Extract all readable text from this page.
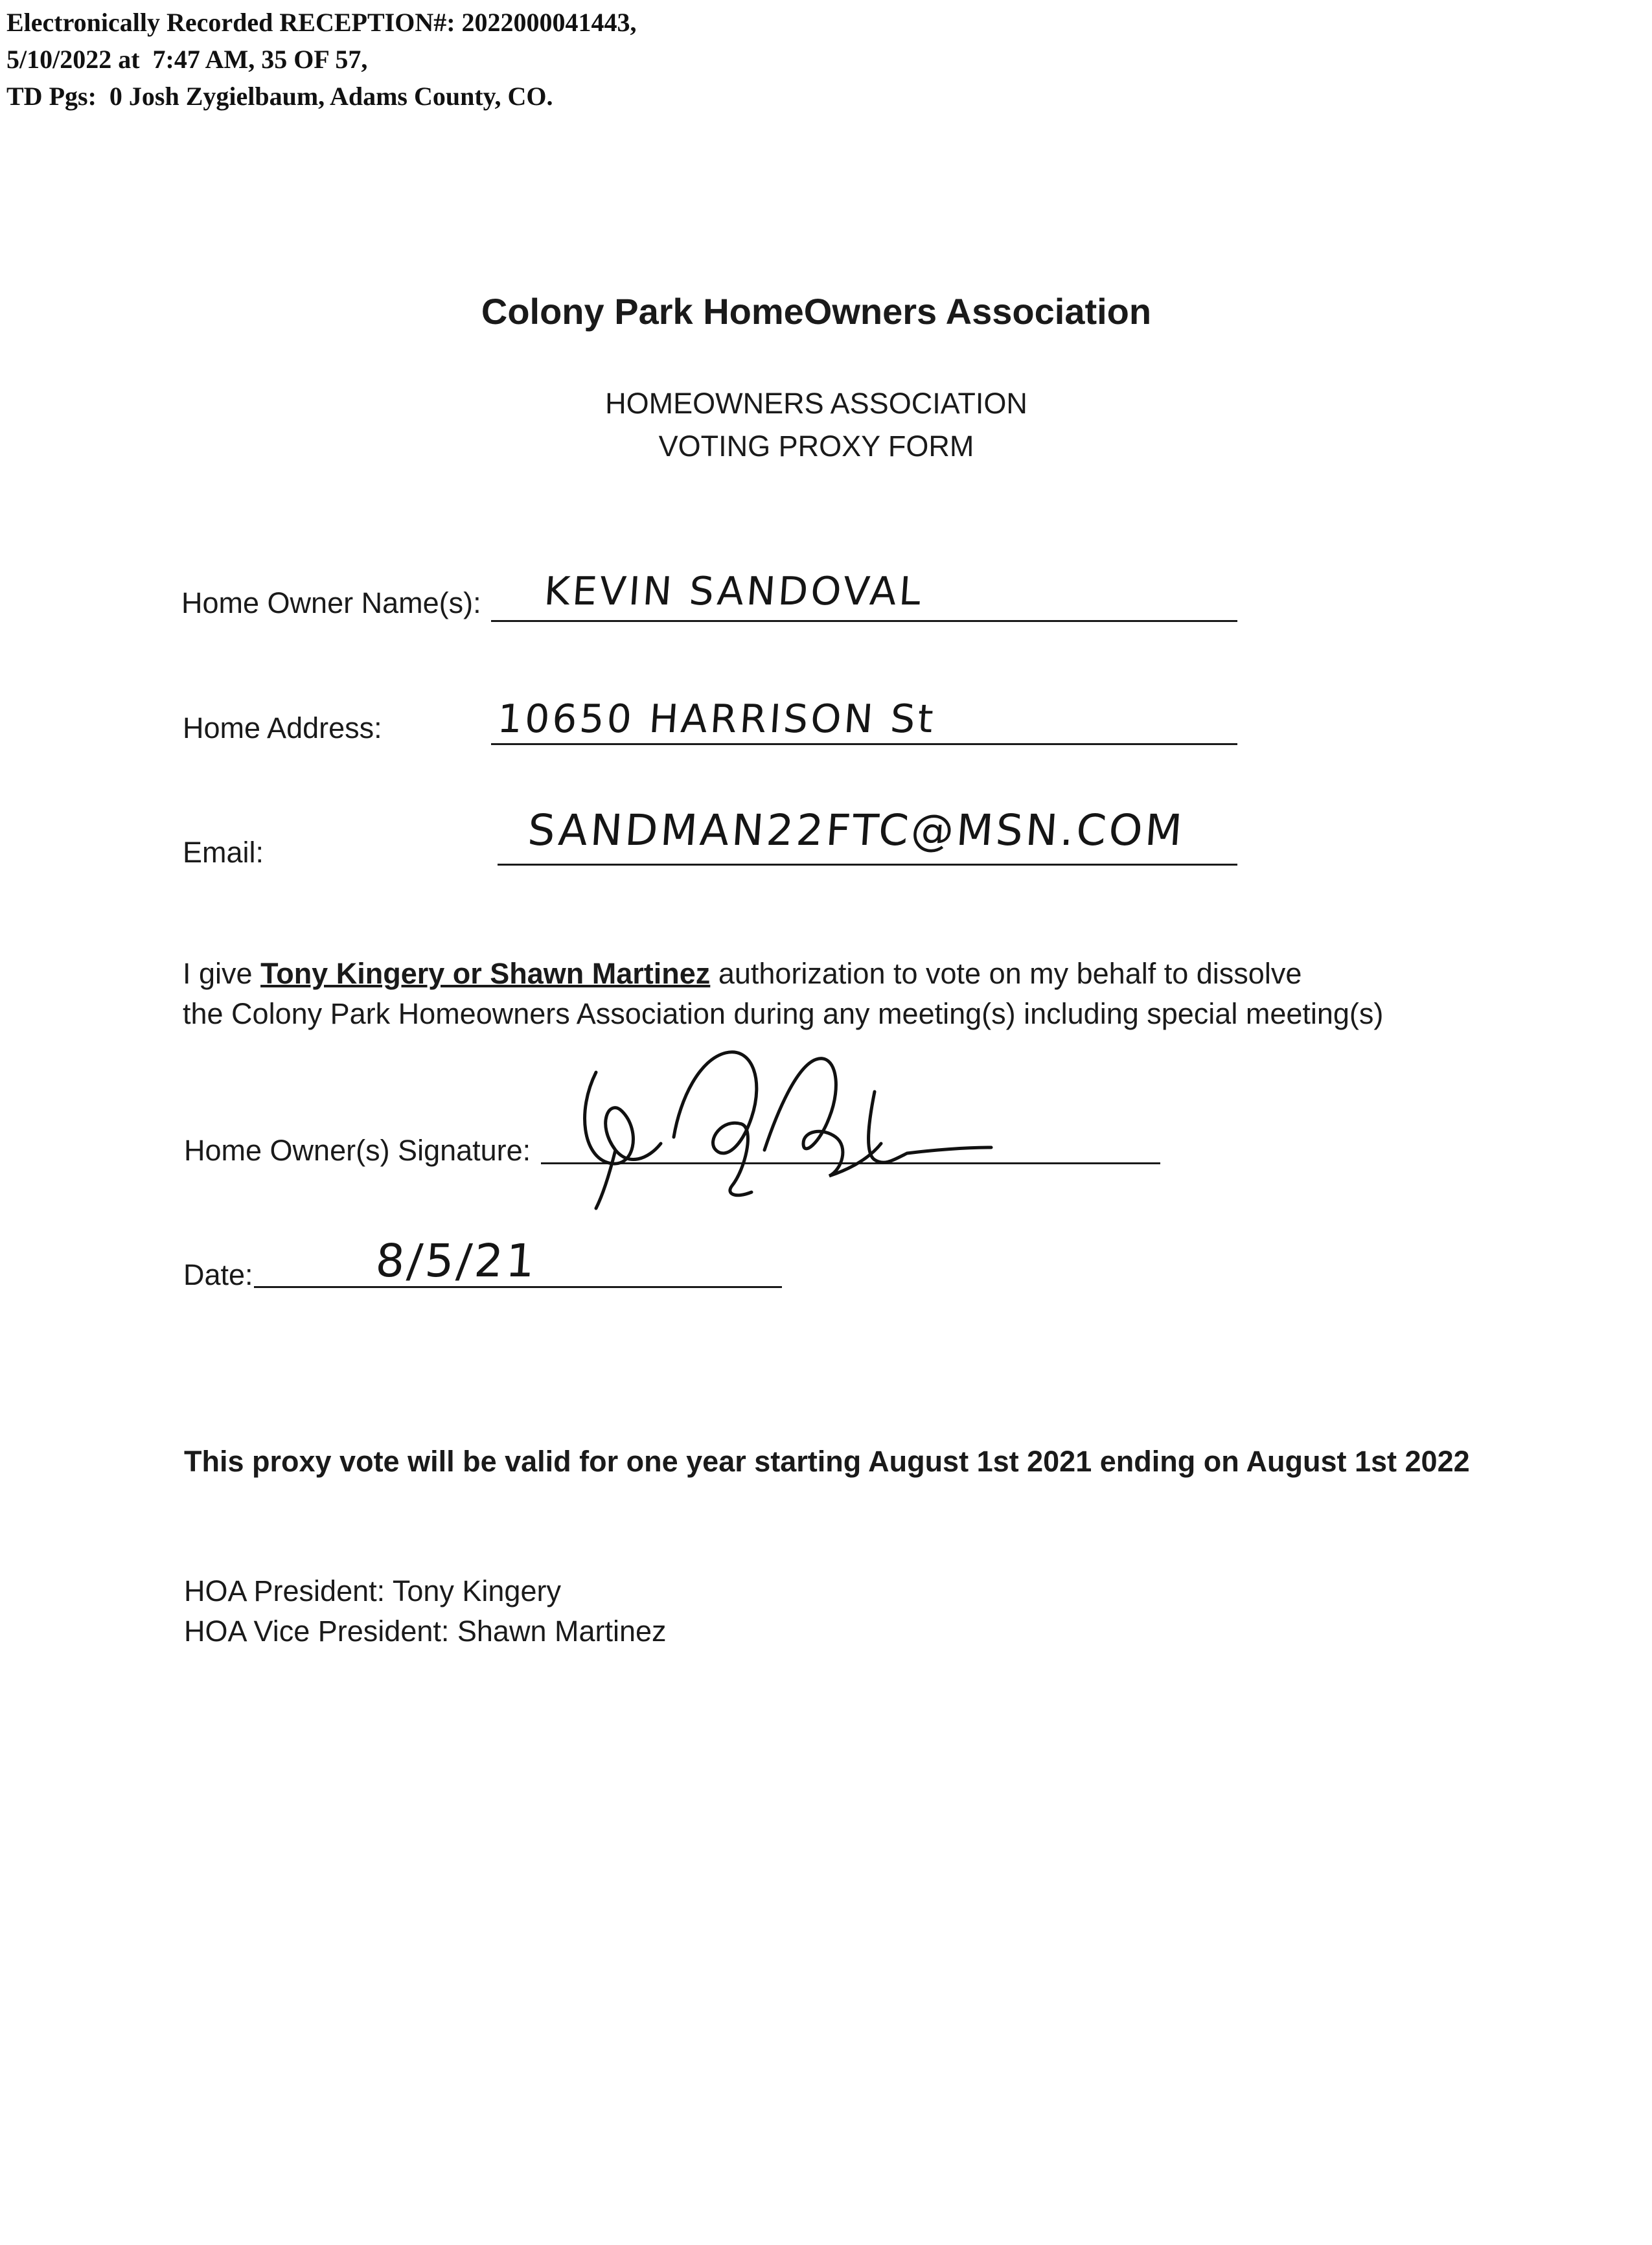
Electronically Recorded RECEPTION#: 2022000041443,
5/10/2022 at  7:47 AM, 35 OF 57,
TD Pgs:  0 Josh Zygielbaum, Adams County, CO.
Colony Park HomeOwners Association
HOMEOWNERS ASSOCIATION
VOTING PROXY FORM
Home Owner Name(s): KEVIN SANDOVAL
Home Address:	10650 HARRISON St
Email:	SANDMAN22FTC@MSN.COM
I give Tony Kingery or Shawn Martinez authorization to vote on my behalf to dissolve
the Colony Park Homeowners Association during any meeting(s) including special meeting(s)
Home Owner(s) Signature:
Date:	8/5/21
This proxy vote will be valid for one year starting August 1st 2021 ending on August 1st 2022
HOA President: Tony Kingery
HOA Vice President: Shawn Martinez
